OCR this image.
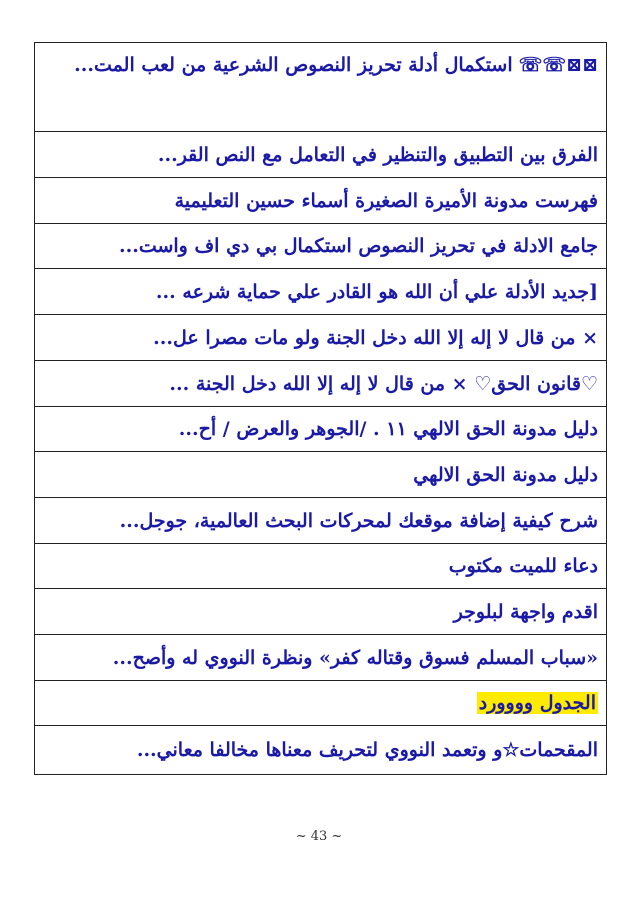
☏☏⊠⊠استكمال أدلة تحريز النصوص الشرعية من لعب المت...
الفرق بين التطبيق والتنظير في التعامل مع النص القر...
فهرست مدونة الأميرة الصغيرة أسماء حسين التعليمية
جامع الادلة في تحريز النصوص استكمال بي دي اف واست...
[جديد الأدلة علي أن الله هو القادر علي حماية شرعه ...
× من قال لا إله إلا الله دخل الجنة ولو مات مصرا عل...
♡قانون الحق♡ × من قال لا إله إلا الله دخل الجنة ...
دليل مدونة الحق الالهي ١١ . /الجوهر والعرض / أح...
دليل مدونة الحق الالهي
شرح كيفية إضافة موقعك لمحركات البحث العالمية، جوجل...
دعاء للميت مكتوب
اقدم واجهة لبلوجر
«سباب المسلم فسوق وقتاله كفر» ونظرة النووي له وأصح...
الجدول وووورد
المقحمات☆و وتعمد النووي لتحريف معناها مخالفا معاني...
~ 43 ~
